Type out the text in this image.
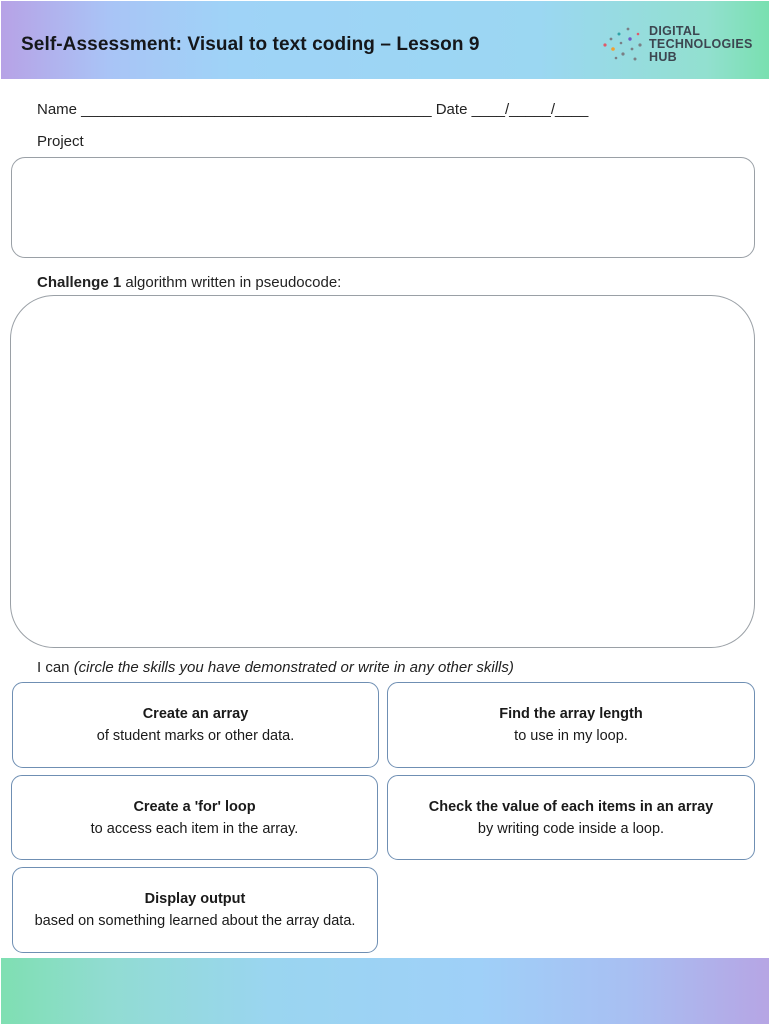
Self-Assessment: Visual to text coding – Lesson 9
DIGITAL
TECHNOLOGIES
HUB
Name __________________________________________ Date ____/_____/____
Project
Challenge 1 algorithm written in pseudocode:
I can (circle the skills you have demonstrated or write in any other skills)
Create an array
of student marks or other data.
Find the array length
to use in my loop.
Create a 'for' loop
to access each item in the array.
Check the value of each items in an array
by writing code inside a loop.
Display output
based on something learned about the array data.
